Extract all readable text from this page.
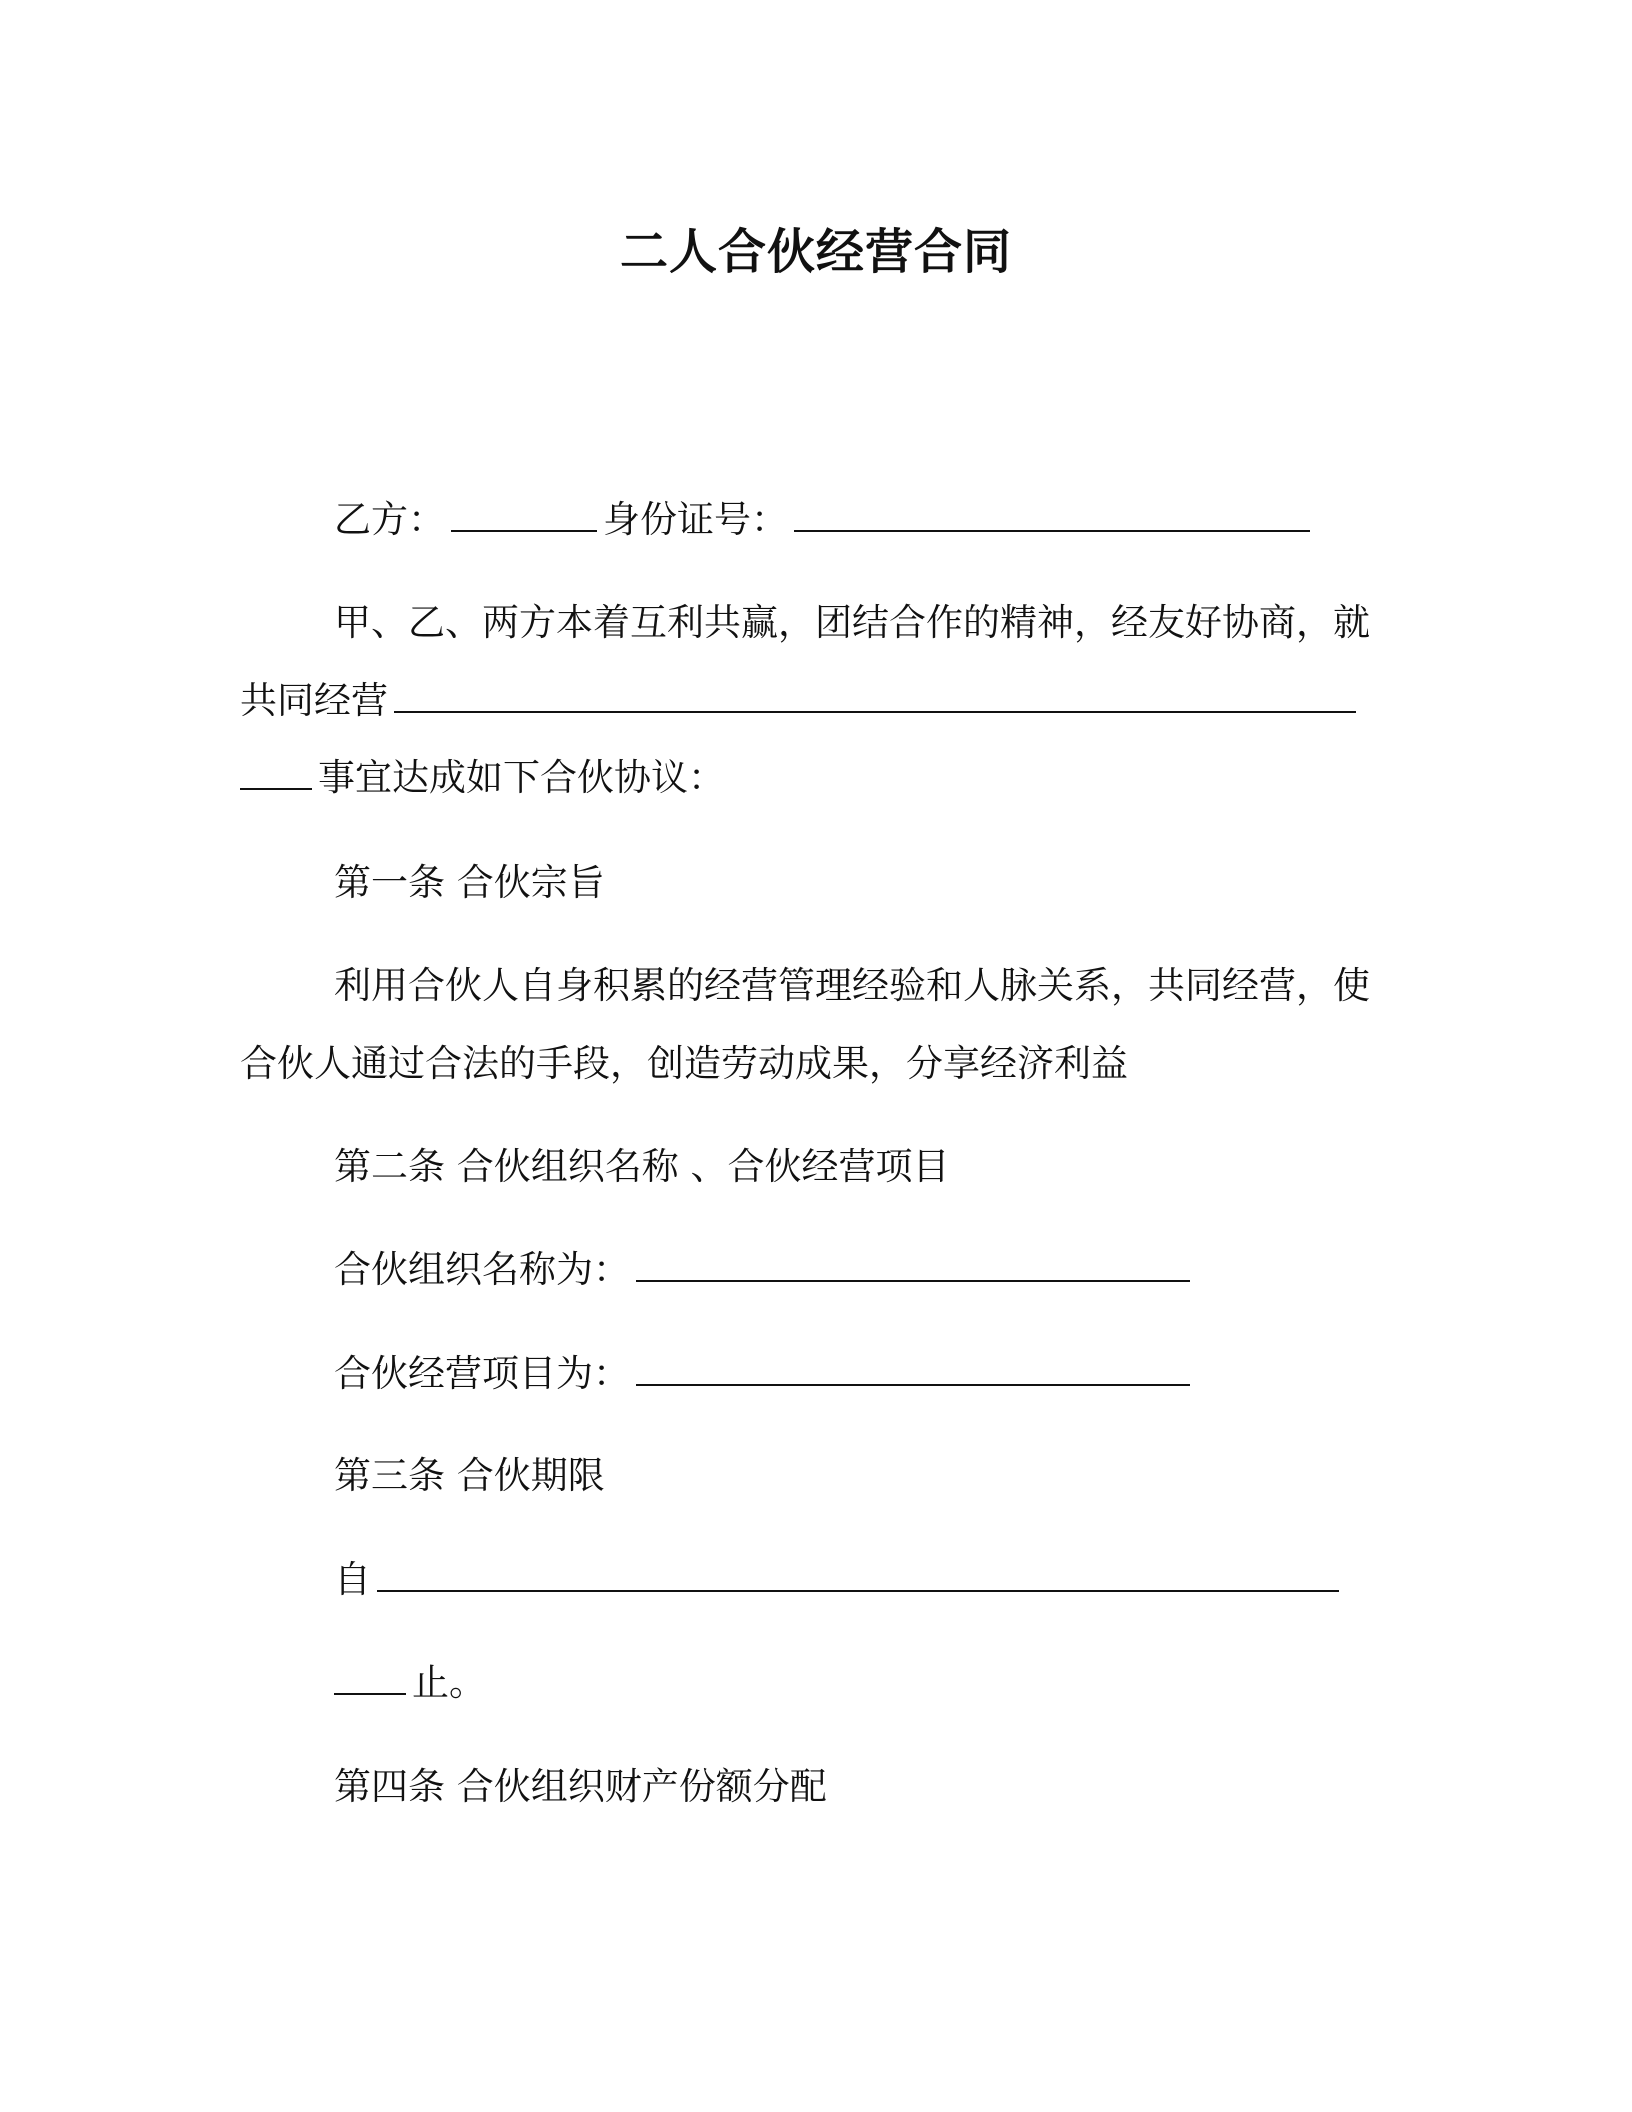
二人合伙经营合同
乙方：	身份证号：
甲、乙、两方本着互利共赢，团结合作的精神，经友好协商，就
共同经营
事宜达成如下合伙协议：
第一条 合伙宗旨
利用合伙人自身积累的经营管理经验和人脉关系，共同经营，使
合伙人通过合法的手段，创造劳动成果，分享经济利益
第二条 合伙组织名称 、合伙经营项目
合伙组织名称为：
合伙经营项目为：
第三条 合伙期限
自
止。
第四条 合伙组织财产份额分配
